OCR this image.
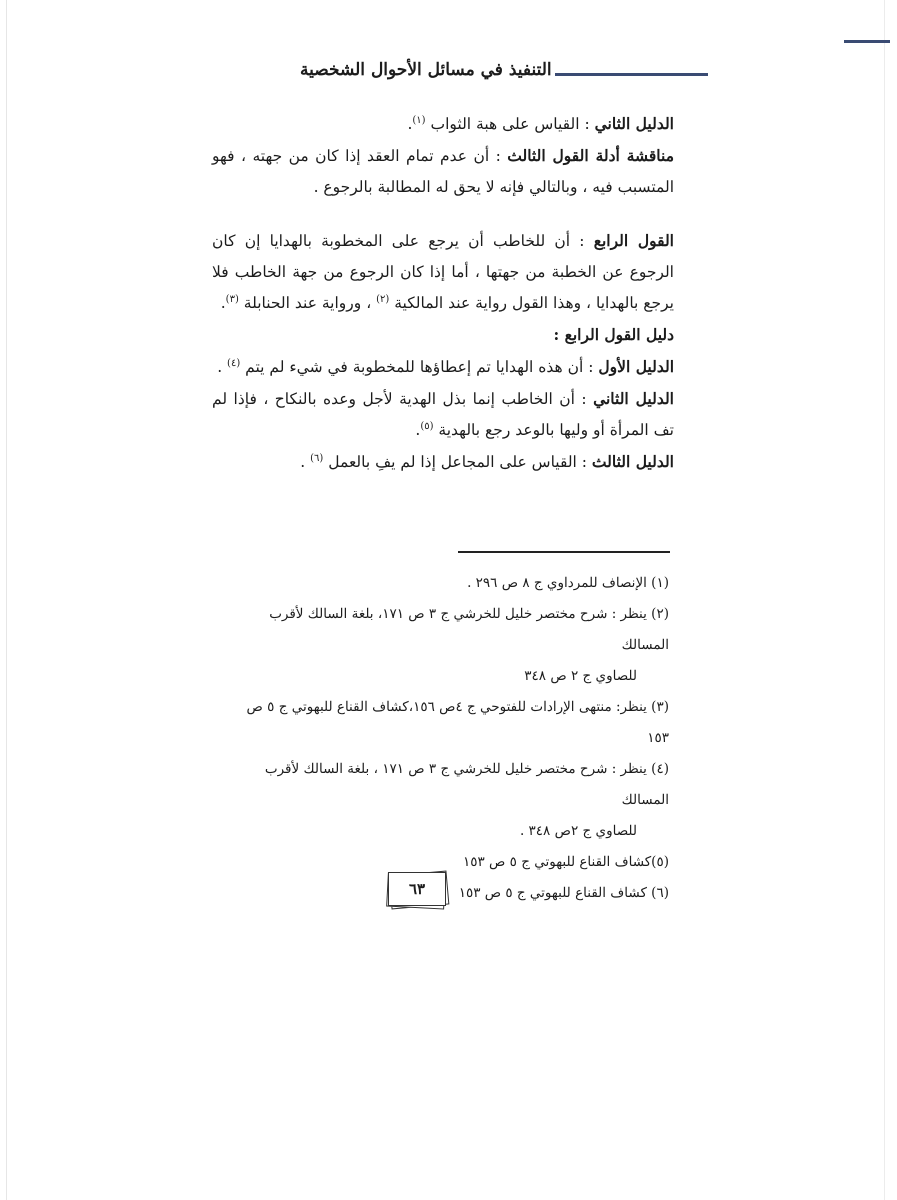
التنفيذ في مسائل الأحوال الشخصية

الدليل الثاني : القياس على هبة الثواب $^{(١)}$.

مناقشة أدلة القول الثالث : أن عدم تمام العقد إذا كان من جهته ، فهو المتسبب فيه ، وبالتالي فإنه لا يحق له المطالبة بالرجوع .

القول الرابع : أن للخاطب أن يرجع على المخطوبة بالهدايا إن كان الرجوع عن الخطبة من جهتها ، أما إذا كان الرجوع من جهة الخاطب فلا يرجع بالهدايا ، وهذا القول رواية عند المالكية $^{(٢)}$ ، ورواية عند الحنابلة $^{(٣)}$.

دليل القول الرابع :

الدليل الأول : أن هذه الهدايا تم إعطاؤها للمخطوبة في شيء لم يتم $^{(٤)}$ .

الدليل الثاني : أن الخاطب إنما بذل الهدية لأجل وعده بالنكاح ، فإذا لم تف المرأة أو وليها بالوعد رجع بالهدية $^{(٥)}$.

الدليل الثالث : القياس على المجاعل إذا لم يفِ بالعمل $^{(٦)}$ .

(١) الإنصاف للمرداوي ج ٨ ص ٢٩٦ .

(٢) ينظر : شرح مختصر خليل للخرشي ج ٣ ص ١٧١، بلغة السالك لأقرب المسالك

للصاوي ج ٢ ص ٣٤٨

(٣) ينظر: منتهى الإرادات للفتوحي ج ٤ص ١٥٦،كشاف القناع للبهوتي ج ٥ ص ١٥٣

(٤) ينظر : شرح مختصر خليل للخرشي ج ٣ ص ١٧١ ، بلغة السالك لأقرب المسالك

للصاوي ج ٢ص ٣٤٨ .

(٥)كشاف القناع للبهوتي ج ٥ ص ١٥٣

(٦) كشاف القناع للبهوتي ج ٥ ص ١٥٣

٦٣
